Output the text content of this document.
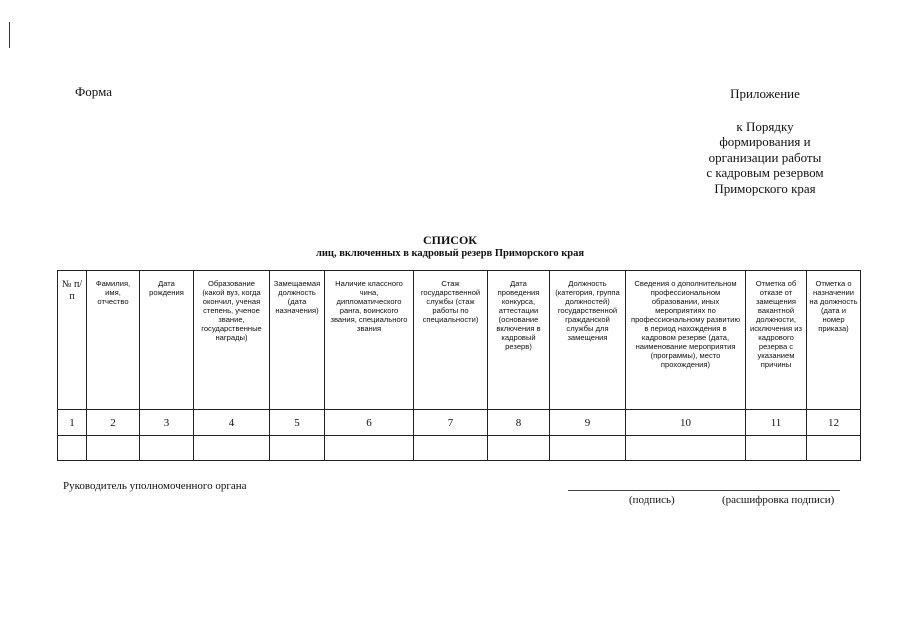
Форма	Приложение
к Порядку
формирования и
организации работы
с кадровым резервом
Приморского края
СПИСОК
лиц, включенных в кадровый резерв Приморского края
№ п/п	Фамилия, имя, отчество	Дата рождения	Образование (какой вуз, когда окончил, ученая степень, ученое звание, государственные награды)	Замещаемая должность (дата назначения)	Наличие классного чина, дипломатического ранга, воинского звания, специального звания	Стаж государственной службы (стаж работы по специальности)	Дата проведения конкурса, аттестации (основание включения в кадровый резерв)	Должность (категория, группа должностей) государственной гражданской службы для замещения	Сведения о дополнительном профессиональном образовании, иных мероприятиях по профессиональному развитию в период нахождения в кадровом резерве (дата, наименование мероприятия (программы), место прохождения)	Отметка об отказе от замещения вакантной должности, исключения из кадрового резерва с указанием причины	Отметка о назначении на должность (дата и номер приказа)
1	2	3	4	5	6	7	8	9	10	11	12

Руководитель уполномоченного органа
(подпись)	(расшифровка подписи)
